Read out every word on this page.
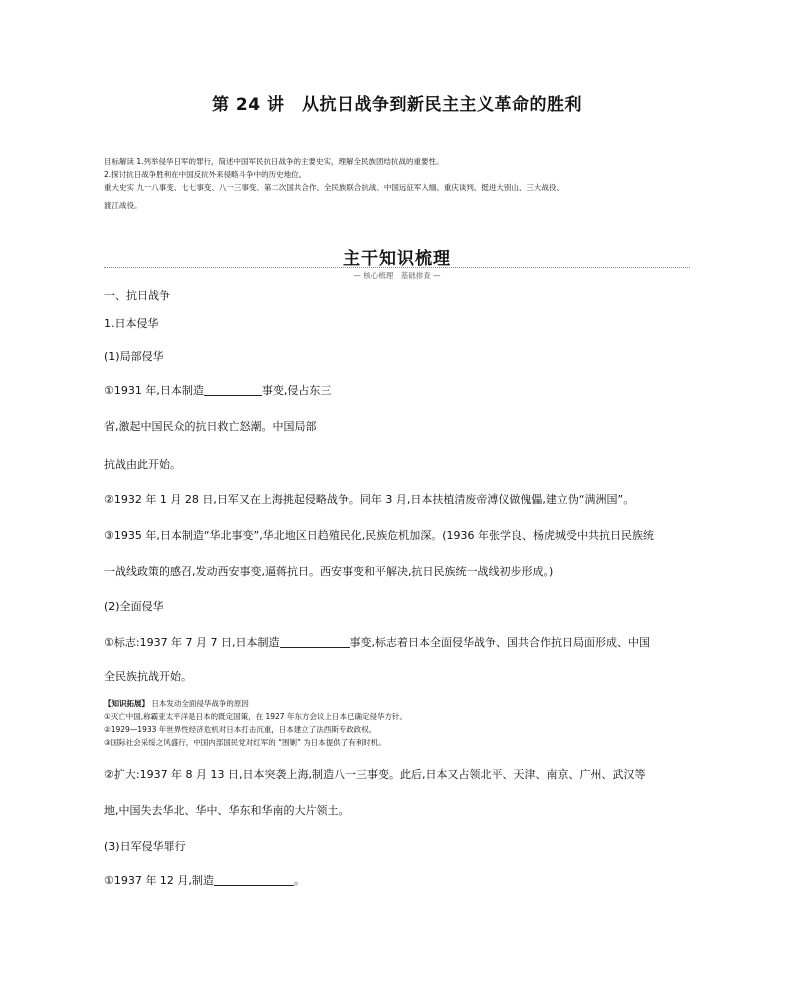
第 24 讲　从抗日战争到新民主主义革命的胜利
目标解读 1.列举侵华日军的罪行，简述中国军民抗日战争的主要史实，理解全民族团结抗战的重要性。
2.探讨抗日战争胜利在中国反抗外来侵略斗争中的历史地位。
重大史实 九一八事变、七七事变、八一三事变、第二次国共合作、全民族联合抗战、中国远征军入缅、重庆谈判、挺进大别山、三大战役、
渡江战役。
主干知识梳理
— 核心梳理　基础排查 —
一、抗日战争
1.日本侵华
(1)局部侵华
①1931 年,日本制造	事变,侵占东三
省,激起中国民众的抗日救亡怒潮。中国局部
抗战由此开始。
②1932 年 1 月 28 日,日军又在上海挑起侵略战争。同年 3 月,日本扶植清废帝溥仪做傀儡,建立伪“满洲国”。
③1935 年,日本制造“华北事变”,华北地区日趋殖民化,民族危机加深。(1936 年张学良、杨虎城受中共抗日民族统
一战线政策的感召,发动西安事变,逼蒋抗日。西安事变和平解决,抗日民族统一战线初步形成。)
(2)全面侵华
①标志:1937 年 7 月 7 日,日本制造	事变,标志着日本全面侵华战争、国共合作抗日局面形成、中国
全民族抗战开始。
【知识拓展】 日本发动全面侵华战争的原因
①灭亡中国,称霸亚太平洋是日本的既定国策，在 1927 年东方会议上日本已确定侵华方针。
②1929—1933 年世界性经济危机对日本打击沉重，日本建立了法西斯专政政权。
③国际社会采绥之风盛行，中国内部国民党对红军的 “围剿” 为日本提供了有利时机。
②扩大:1937 年 8 月 13 日,日本突袭上海,制造八一三事变。此后,日本又占领北平、天津、南京、广州、武汉等
地,中国失去华北、华中、华东和华南的大片领土。
(3)日军侵华罪行
①1937 年 12 月,制造	。
